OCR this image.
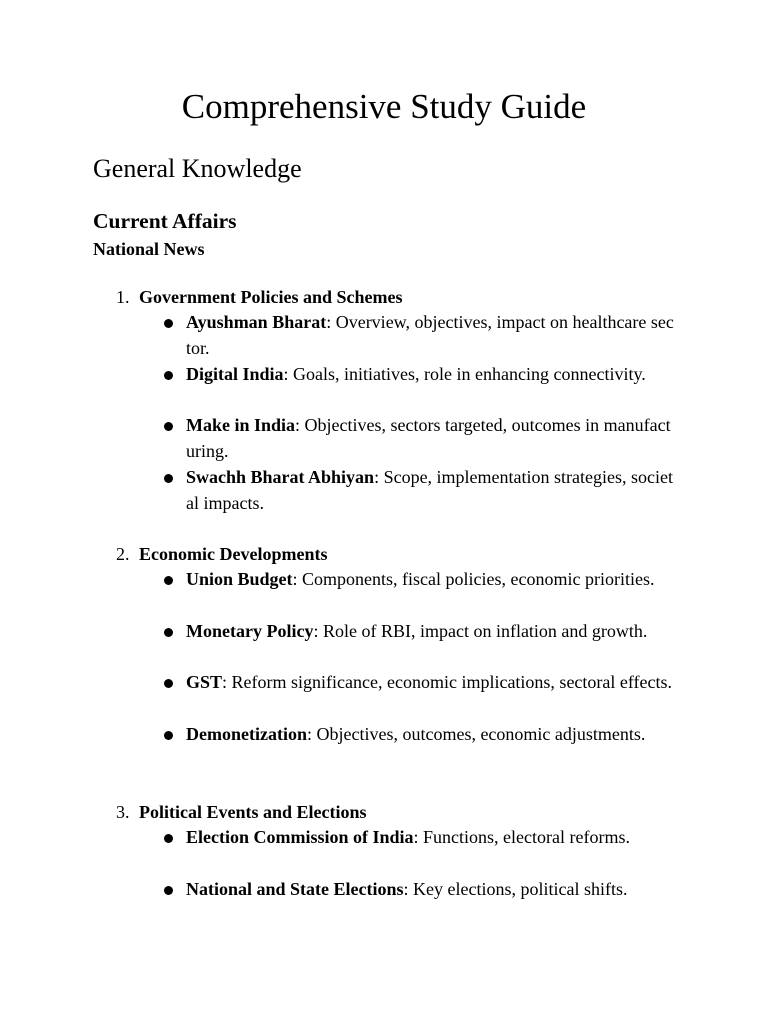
Comprehensive Study Guide
General Knowledge
Current Affairs
National News
1. Government Policies and Schemes
Ayushman Bharat: Overview, objectives, impact on healthcare sector.
Digital India: Goals, initiatives, role in enhancing connectivity.
Make in India: Objectives, sectors targeted, outcomes in manufacturing.
Swachh Bharat Abhiyan: Scope, implementation strategies, societal impacts.
2. Economic Developments
Union Budget: Components, fiscal policies, economic priorities.
Monetary Policy: Role of RBI, impact on inflation and growth.
GST: Reform significance, economic implications, sectoral effects.
Demonetization: Objectives, outcomes, economic adjustments.
3. Political Events and Elections
Election Commission of India: Functions, electoral reforms.
National and State Elections: Key elections, political shifts.
